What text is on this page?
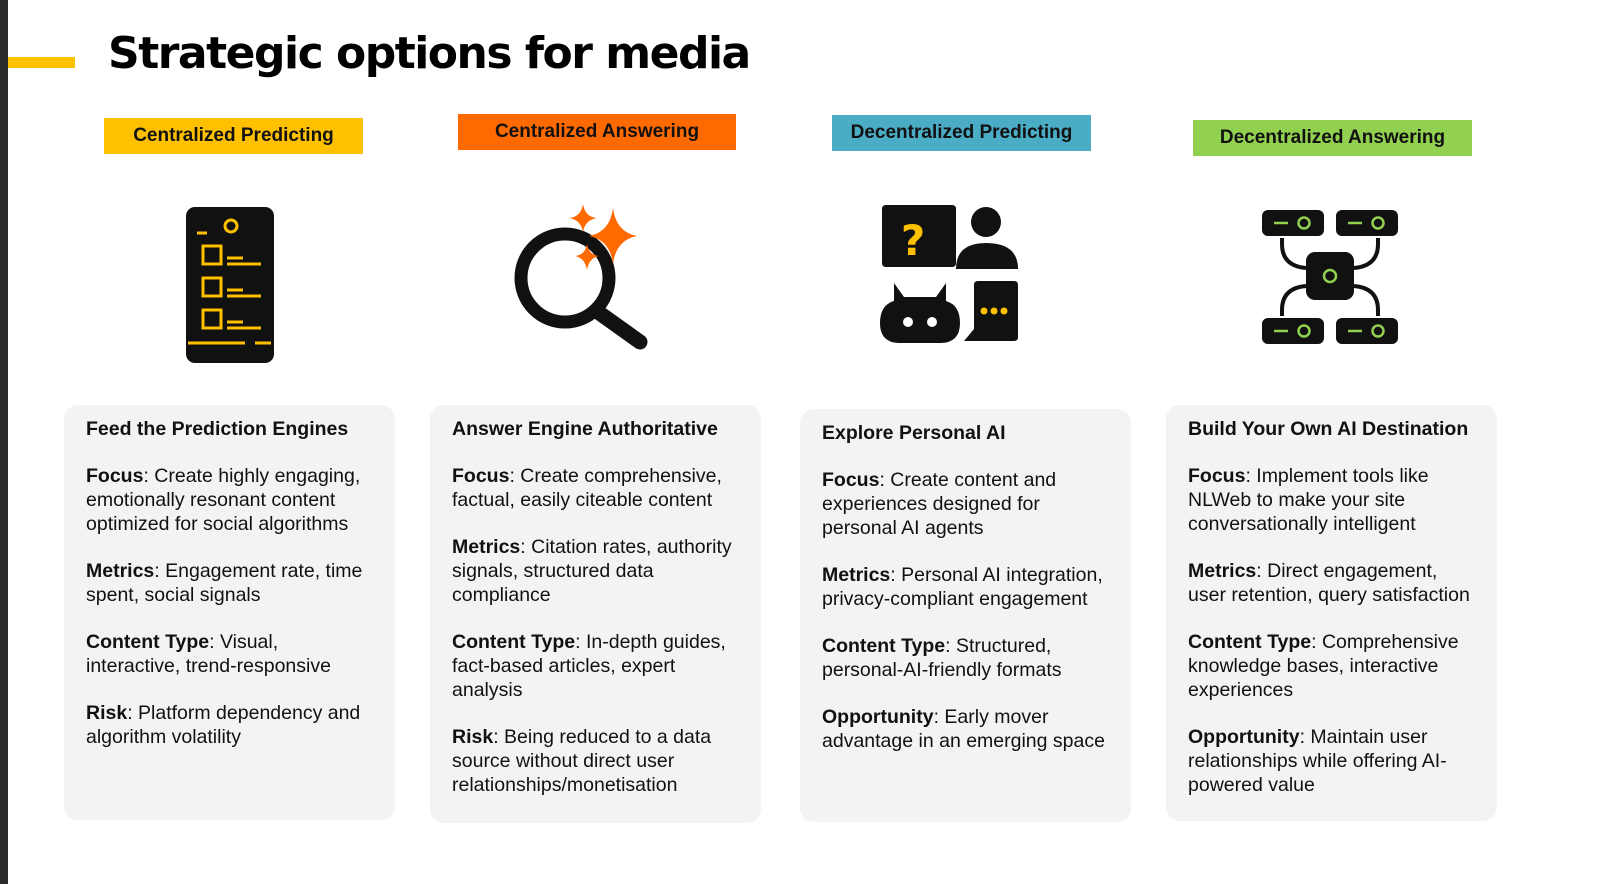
Strategic options for media
Centralized Predicting	Centralized Answering	Decentralized Predicting	Decentralized Answering
?
Feed the Prediction Engines
Focus: Create highly engaging, emotionally resonant content optimized for social algorithms
Metrics: Engagement rate, time spent, social signals
Content Type: Visual, interactive, trend-responsive
Risk: Platform dependency and algorithm volatility
Answer Engine Authoritative
Focus: Create comprehensive, factual, easily citeable content
Metrics: Citation rates, authority signals, structured data compliance
Content Type: In-depth guides, fact-based articles, expert analysis
Risk: Being reduced to a data source without direct user relationships/monetisation
Explore Personal AI
Focus: Create content and experiences designed for personal AI agents
Metrics: Personal AI integration, privacy-compliant engagement
Content Type: Structured, personal-AI-friendly formats
Opportunity: Early mover advantage in an emerging space
Build Your Own AI Destination
Focus: Implement tools like NLWeb to make your site conversationally intelligent
Metrics: Direct engagement, user retention, query satisfaction
Content Type: Comprehensive knowledge bases, interactive experiences
Opportunity: Maintain user relationships while offering AI-powered value
